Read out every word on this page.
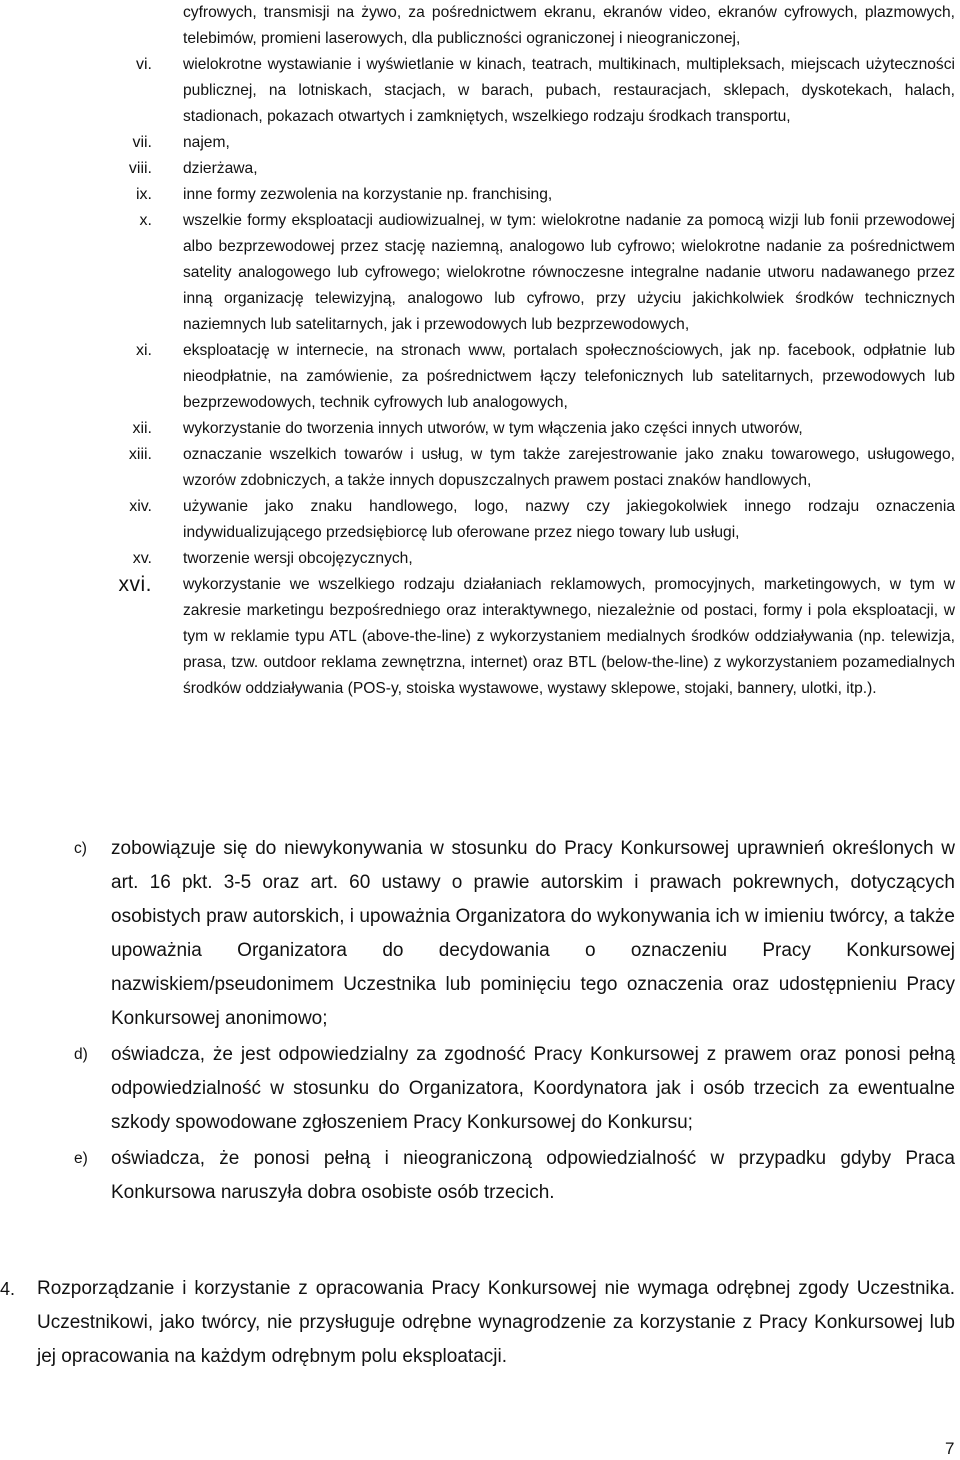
cyfrowych, transmisji na żywo, za pośrednictwem ekranu, ekranów video, ekranów cyfrowych, plazmowych, telebimów, promieni laserowych, dla publiczności ograniczonej i nieograniczonej,
vi. wielokrotne wystawianie i wyświetlanie w kinach, teatrach, multikinach, multipleksach, miejscach użyteczności publicznej, na lotniskach, stacjach, w barach, pubach, restauracjach, sklepach, dyskotekach, halach, stadionach, pokazach otwartych i zamkniętych, wszelkiego rodzaju środkach transportu,
vii. najem,
viii. dzierżawa,
ix. inne formy zezwolenia na korzystanie np. franchising,
x. wszelkie formy eksploatacji audiowizualnej, w tym: wielokrotne nadanie za pomocą wizji lub fonii przewodowej albo bezprzewodowej przez stację naziemną, analogowo lub cyfrowo; wielokrotne nadanie za pośrednictwem satelity analogowego lub cyfrowego; wielokrotne równoczesne integralne nadanie utworu nadawanego przez inną organizację telewizyjną, analogowo lub cyfrowo, przy użyciu jakichkolwiek środków technicznych naziemnych lub satelitarnych, jak i przewodowych lub bezprzewodowych,
xi. eksploatację w internecie, na stronach www, portalach społecznościowych, jak np. facebook, odpłatnie lub nieodpłatnie, na zamówienie, za pośrednictwem łączy telefonicznych lub satelitarnych, przewodowych lub bezprzewodowych, technik cyfrowych lub analogowych,
xii. wykorzystanie do tworzenia innych utworów, w tym włączenia jako części innych utworów,
xiii. oznaczanie wszelkich towarów i usług, w tym także zarejestrowanie jako znaku towarowego, usługowego, wzorów zdobniczych, a także innych dopuszczalnych prawem postaci znaków handlowych,
xiv. używanie jako znaku handlowego, logo, nazwy czy jakiegokolwiek innego rodzaju oznaczenia indywidualizującego przedsiębiorcę lub oferowane przez niego towary lub usługi,
xv. tworzenie wersji obcojęzycznych,
xvi. wykorzystanie we wszelkiego rodzaju działaniach reklamowych, promocyjnych, marketingowych, w tym w zakresie marketingu bezpośredniego oraz interaktywnego, niezależnie od postaci, formy i pola eksploatacji, w tym w reklamie typu ATL (above-the-line) z wykorzystaniem medialnych środków oddziaływania (np. telewizja, prasa, tzw. outdoor reklama zewnętrzna, internet) oraz BTL (below-the-line) z wykorzystaniem pozamedialnych środków oddziaływania (POS-y, stoiska wystawowe, wystawy sklepowe, stojaki, bannery, ulotki, itp.).
c) zobowiązuje się do niewykonywania w stosunku do Pracy Konkursowej uprawnień określonych w art. 16 pkt. 3-5 oraz art. 60 ustawy o prawie autorskim i prawach pokrewnych, dotyczących osobistych praw autorskich, i upoważnia Organizatora do wykonywania ich w imieniu twórcy, a także upoważnia Organizatora do decydowania o oznaczeniu Pracy Konkursowej nazwiskiem/pseudonimem Uczestnika lub pominięciu tego oznaczenia oraz udostępnieniu Pracy Konkursowej anonimowo;
d) oświadcza, że jest odpowiedzialny za zgodność Pracy Konkursowej z prawem oraz ponosi pełną odpowiedzialność w stosunku do Organizatora, Koordynatora jak i osób trzecich za ewentualne szkody spowodowane zgłoszeniem Pracy Konkursowej do Konkursu;
e) oświadcza, że ponosi pełną i nieograniczoną odpowiedzialność w przypadku gdyby Praca Konkursowa naruszyła dobra osobiste osób trzecich.
4. Rozporządzanie i korzystanie z opracowania Pracy Konkursowej nie wymaga odrębnej zgody Uczestnika. Uczestnikowi, jako twórcy, nie przysługuje odrębne wynagrodzenie za korzystanie z Pracy Konkursowej lub jej opracowania na każdym odrębnym polu eksploatacji.
7
